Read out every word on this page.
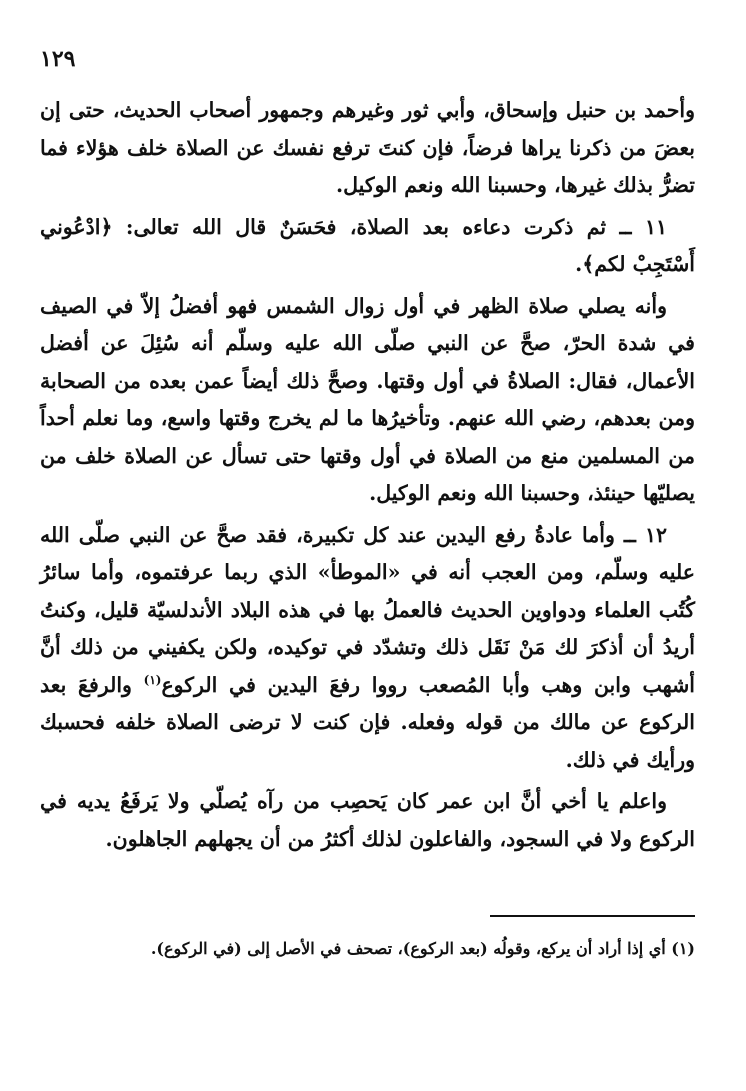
١٢٩

وأحمد بن حنبل وإسحاق، وأبي ثور وغيرهم وجمهور أصحاب الحديث، حتى إن بعضَ من ذكرنا يراها فرضاً، فإن كنتَ ترفع نفسك عن الصلاة خلف هؤلاء فما تضرُّ بذلك غيرها، وحسبنا الله ونعم الوكيل.

١١ ــ ثم ذكرت دعاءه بعد الصلاة، فحَسَنٌ قال الله تعالى: ﴿ادْعُوني أَسْتَجِبْ لكم﴾.

وأنه يصلي صلاة الظهر في أول زوال الشمس فهو أفضلُ إلاّ في الصيف في شدة الحرّ، صحَّ عن النبي صلّى الله عليه وسلّم أنه سُئِلَ عن أفضل الأعمال، فقال: الصلاةُ في أول وقتها. وصحَّ ذلك أيضاً عمن بعده من الصحابة ومن بعدهم، رضي الله عنهم. وتأخيرُها ما لم يخرج وقتها واسع، وما نعلم أحداً من المسلمين منع من الصلاة في أول وقتها حتى تسأل عن الصلاة خلف من يصليّها حينئذ، وحسبنا الله ونعم الوكيل.

١٢ ــ وأما عادةُ رفع اليدين عند كل تكبيرة، فقد صحَّ عن النبي صلّى الله عليه وسلّم، ومن العجب أنه في «الموطأ» الذي ربما عرفتموه، وأما سائرُ كُتُب العلماء ودواوين الحديث فالعملُ بها في هذه البلاد الأندلسيّة قليل، وكنتُ أريدُ أن أذكرَ لك مَنْ نَقَل ذلك وتشدّد في توكيده، ولكن يكفيني من ذلك أنَّ أشهب وابن وهب وأبا المُصعب رووا رفعَ اليدين في الركوع$^{(١)}$ والرفعَ بعد الركوع عن مالك من قوله وفعله. فإن كنت لا ترضى الصلاة خلفه فحسبك ورأيك في ذلك.

واعلم يا أخي أنَّ ابن عمر كان يَحصِب من رآه يُصلّي ولا يَرفَعُ يديه في الركوع ولا في السجود، والفاعلون لذلك أكثرُ من أن يجهلهم الجاهلون.

(١) أي إذا أراد أن يركع، وقولُه (بعد الركوع)، تصحف في الأصل إلى (في الركوع).
